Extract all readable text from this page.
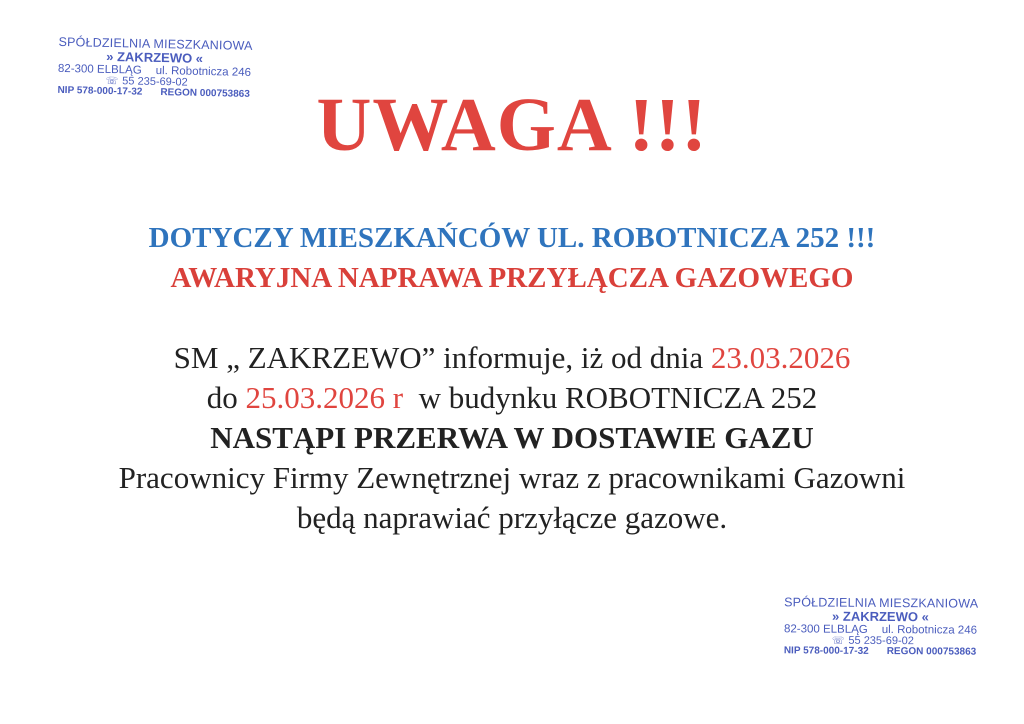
SPÓŁDZIELNIA MIESZKANIOWA
» ZAKRZEWO «
82-300 ELBLĄG ul. Robotnicza 246
☏ 55 235-69-02
NIP 578-000-17-32 REGON 000753863 UWAGA !!!
DOTYCZY MIESZKAŃCÓW UL. ROBOTNICZA 252 !!!
AWARYJNA NAPRAWA PRZYŁĄCZA GAZOWEGO
SM „ ZAKRZEWO” informuje, iż od dnia 23.03.2026
do 25.03.2026 r  w budynku ROBOTNICZA 252
NASTĄPI PRZERWA W DOSTAWIE GAZU
Pracownicy Firmy Zewnętrznej wraz z pracownikami Gazowni
będą naprawiać przyłącze gazowe.
SPÓŁDZIELNIA MIESZKANIOWA
» ZAKRZEWO «
82-300 ELBLĄG ul. Robotnicza 246
☏ 55 235-69-02
NIP 578-000-17-32 REGON 000753863
